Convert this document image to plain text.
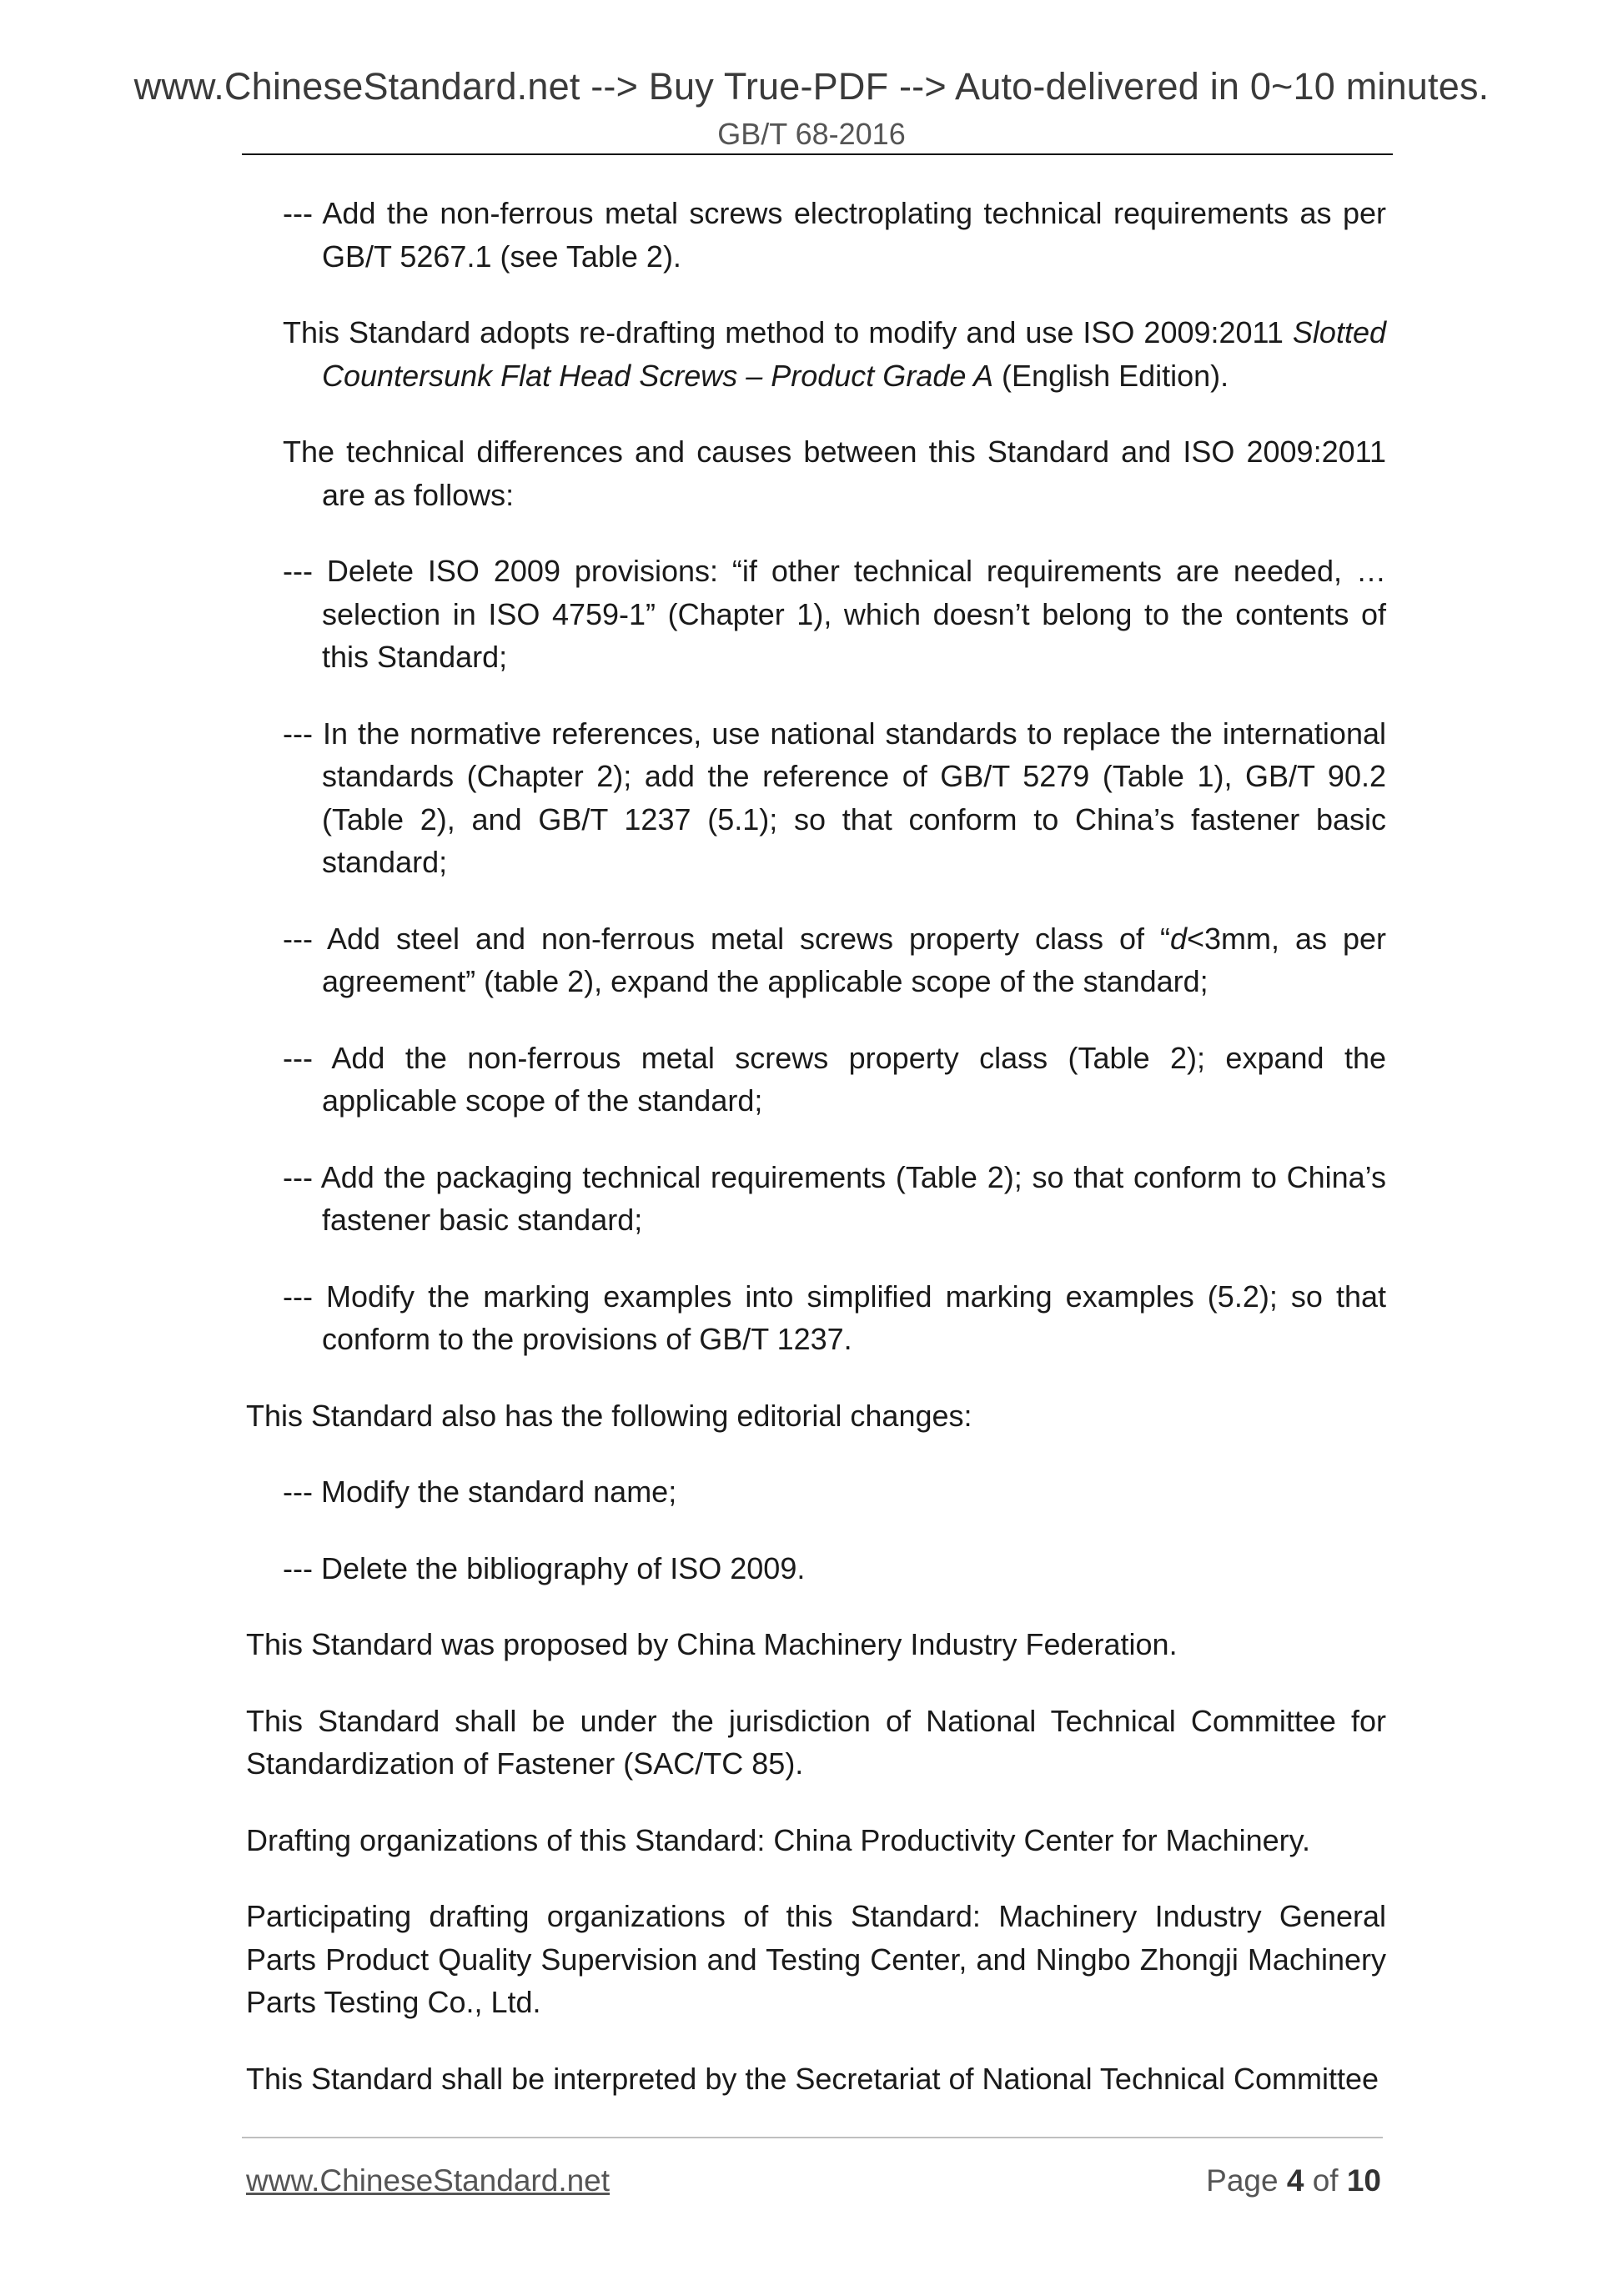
www.ChineseStandard.net --> Buy True-PDF --> Auto-delivered in 0~10 minutes.
GB/T 68-2016

--- Add the non-ferrous metal screws electroplating technical requirements as per GB/T 5267.1 (see Table 2).

This Standard adopts re-drafting method to modify and use ISO 2009:2011 Slotted Countersunk Flat Head Screws – Product Grade A (English Edition).

The technical differences and causes between this Standard and ISO 2009:2011 are as follows:

--- Delete ISO 2009 provisions: “if other technical requirements are needed, … selection in ISO 4759-1” (Chapter 1), which doesn’t belong to the contents of this Standard;

--- In the normative references, use national standards to replace the international standards (Chapter 2); add the reference of GB/T 5279 (Table 1), GB/T 90.2 (Table 2), and GB/T 1237 (5.1); so that conform to China’s fastener basic standard;

--- Add steel and non-ferrous metal screws property class of “d<3mm, as per agreement” (table 2), expand the applicable scope of the standard;

--- Add the non-ferrous metal screws property class (Table 2); expand the applicable scope of the standard;

--- Add the packaging technical requirements (Table 2); so that conform to China’s fastener basic standard;

--- Modify the marking examples into simplified marking examples (5.2); so that conform to the provisions of GB/T 1237.

This Standard also has the following editorial changes:

--- Modify the standard name;

--- Delete the bibliography of ISO 2009.

This Standard was proposed by China Machinery Industry Federation.

This Standard shall be under the jurisdiction of National Technical Committee for Standardization of Fastener (SAC/TC 85).

Drafting organizations of this Standard: China Productivity Center for Machinery.

Participating drafting organizations of this Standard: Machinery Industry General Parts Product Quality Supervision and Testing Center, and Ningbo Zhongji Machinery Parts Testing Co., Ltd.

This Standard shall be interpreted by the Secretariat of National Technical Committee

www.ChineseStandard.net	Page 4 of 10
